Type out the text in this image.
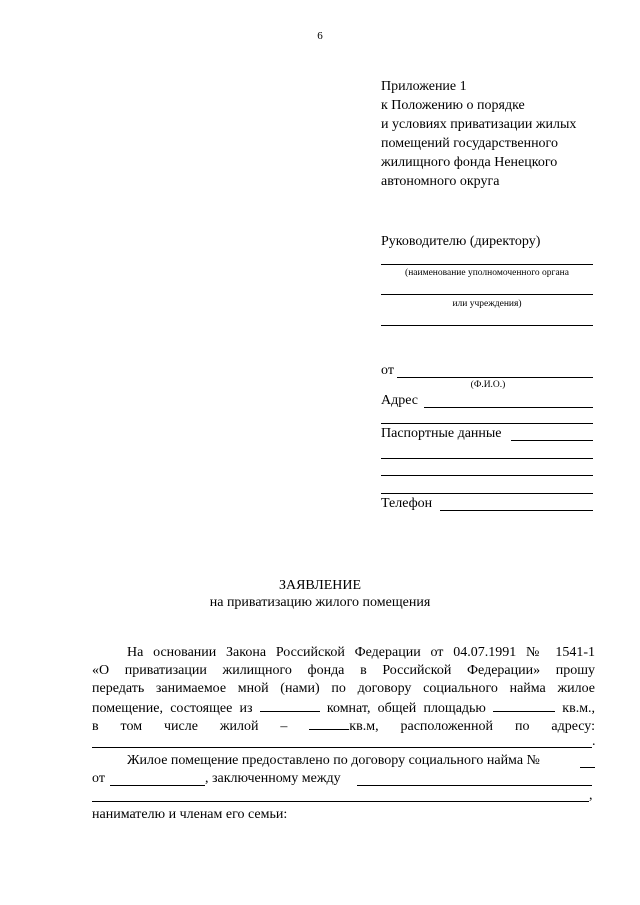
6
Приложение 1
к Положению о порядке
и условиях приватизации жилых
помещений государственного
жилищного фонда Ненецкого
автономного округа
Руководителю (директору)
(наименование уполномоченного органа
или учреждения)
от
(Ф.И.О.)
Адрес
Паспортные данные
Телефон
ЗАЯВЛЕНИЕ
на приватизацию жилого помещения
На основании Закона Российской Федерации от 04.07.1991 № 1541-1
«О приватизации жилищного фонда в Российской Федерации» прошу
передать занимаемое мной (нами) по договору социального найма жилое
помещение, состоящее из	комнат, общей площадью	кв.м.,
в том числе жилой –	кв.м, расположенной по адресу:
.
Жилое помещение предоставлено по договору социального найма №
от	, заключенному между
,
нанимателю и членам его семьи:
